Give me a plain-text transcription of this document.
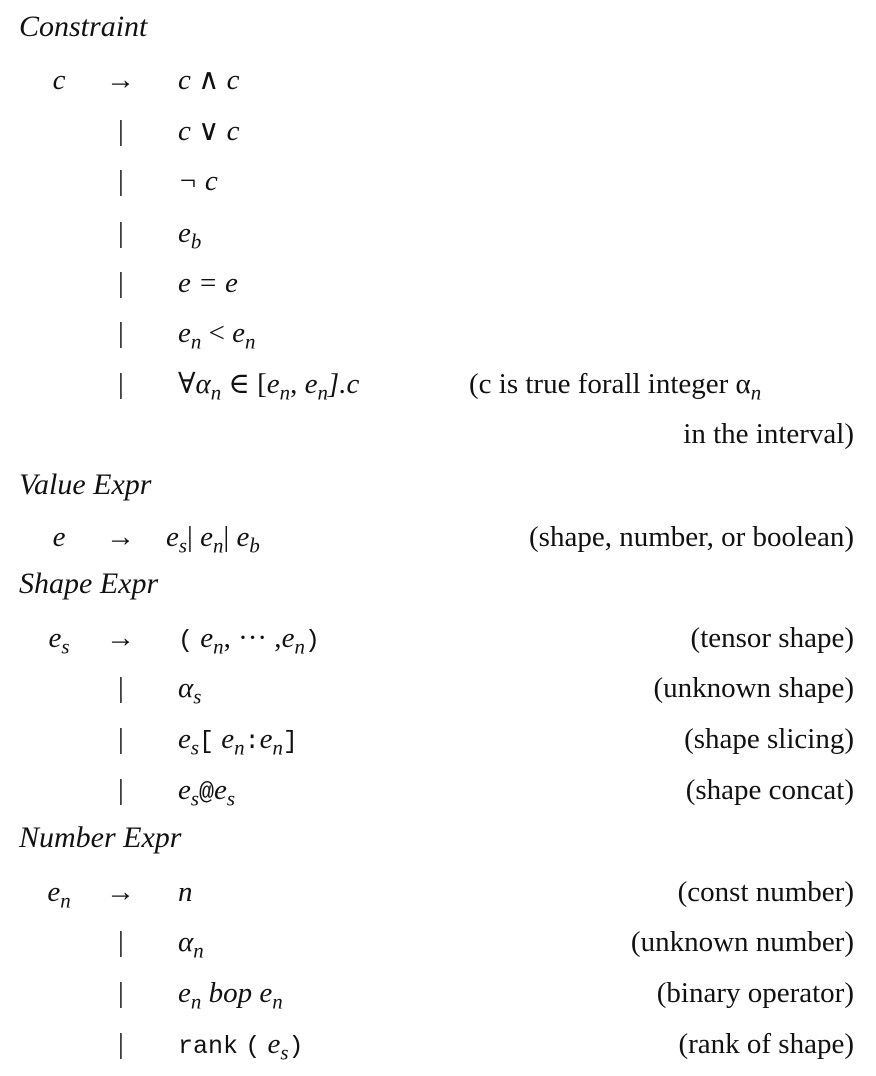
Constraint
c	→ c ∧ c
| c ∨ c
| ¬ c
| $e_b$
| e = e
| $e_n < e_n$
| $\forall\alpha_n$ ∈ [$e_n$, $e_n].c$	(c is true forall integer $\alpha_n$
in the interval)
Value Expr
e	→ $e_s|$ $e_n|$ $e_b$	(shape, number, or boolean)
Shape Expr
$e_s$	→ ( $e_n$, ··· $,e_n$)	(tensor shape)
| $\alpha_s$	(unknown shape)
| $e_s$[ $e_n:e_n$]	(shape slicing)
| $e_s@e_s$	(shape concat)
Number Expr
$e_n$	→ n	(const number)
| $\alpha_n$	(unknown number)
| $e_n$ bop $e_n$	(binary operator)
| rank ( $e_s$)	(rank of shape)
